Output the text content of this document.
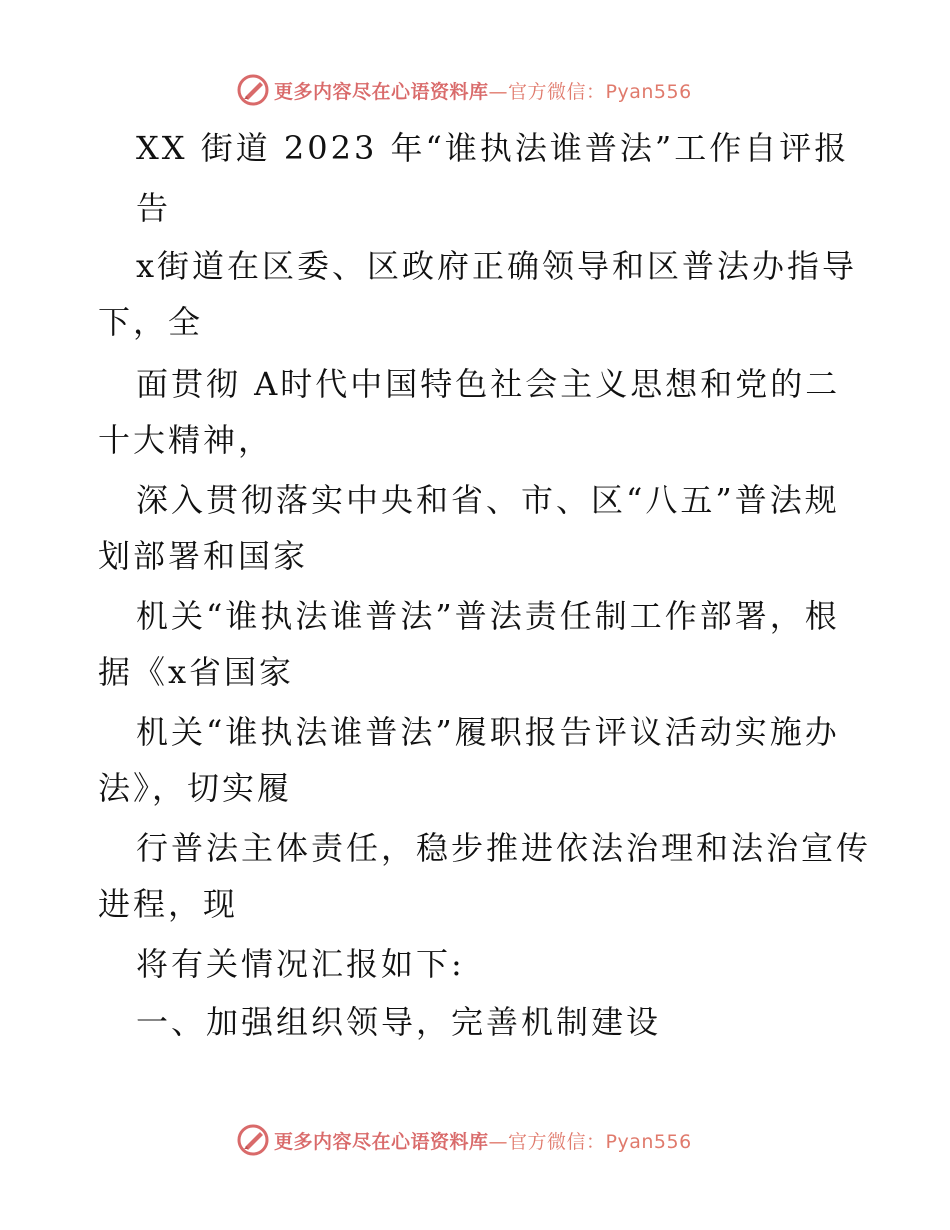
更多内容尽在心语资料库 —官方微信：Pyan556
XX 街道 2023 年“谁执法谁普法”工作自评报
告
x街道在区委、区政府正确领导和区普法办指导
下，全
面贯彻 A时代中国特色社会主义思想和党的二
十大精神，
深入贯彻落实中央和省、市、区“八五”普法规
划部署和国家
机关“谁执法谁普法”普法责任制工作部署，根
据《x省国家
机关“谁执法谁普法”履职报告评议活动实施办
法》，切实履
行普法主体责任，稳步推进依法治理和法治宣传
进程，现
将有关情况汇报如下:
一、加强组织领导，完善机制建设
更多内容尽在心语资料库 —官方微信：Pyan556
